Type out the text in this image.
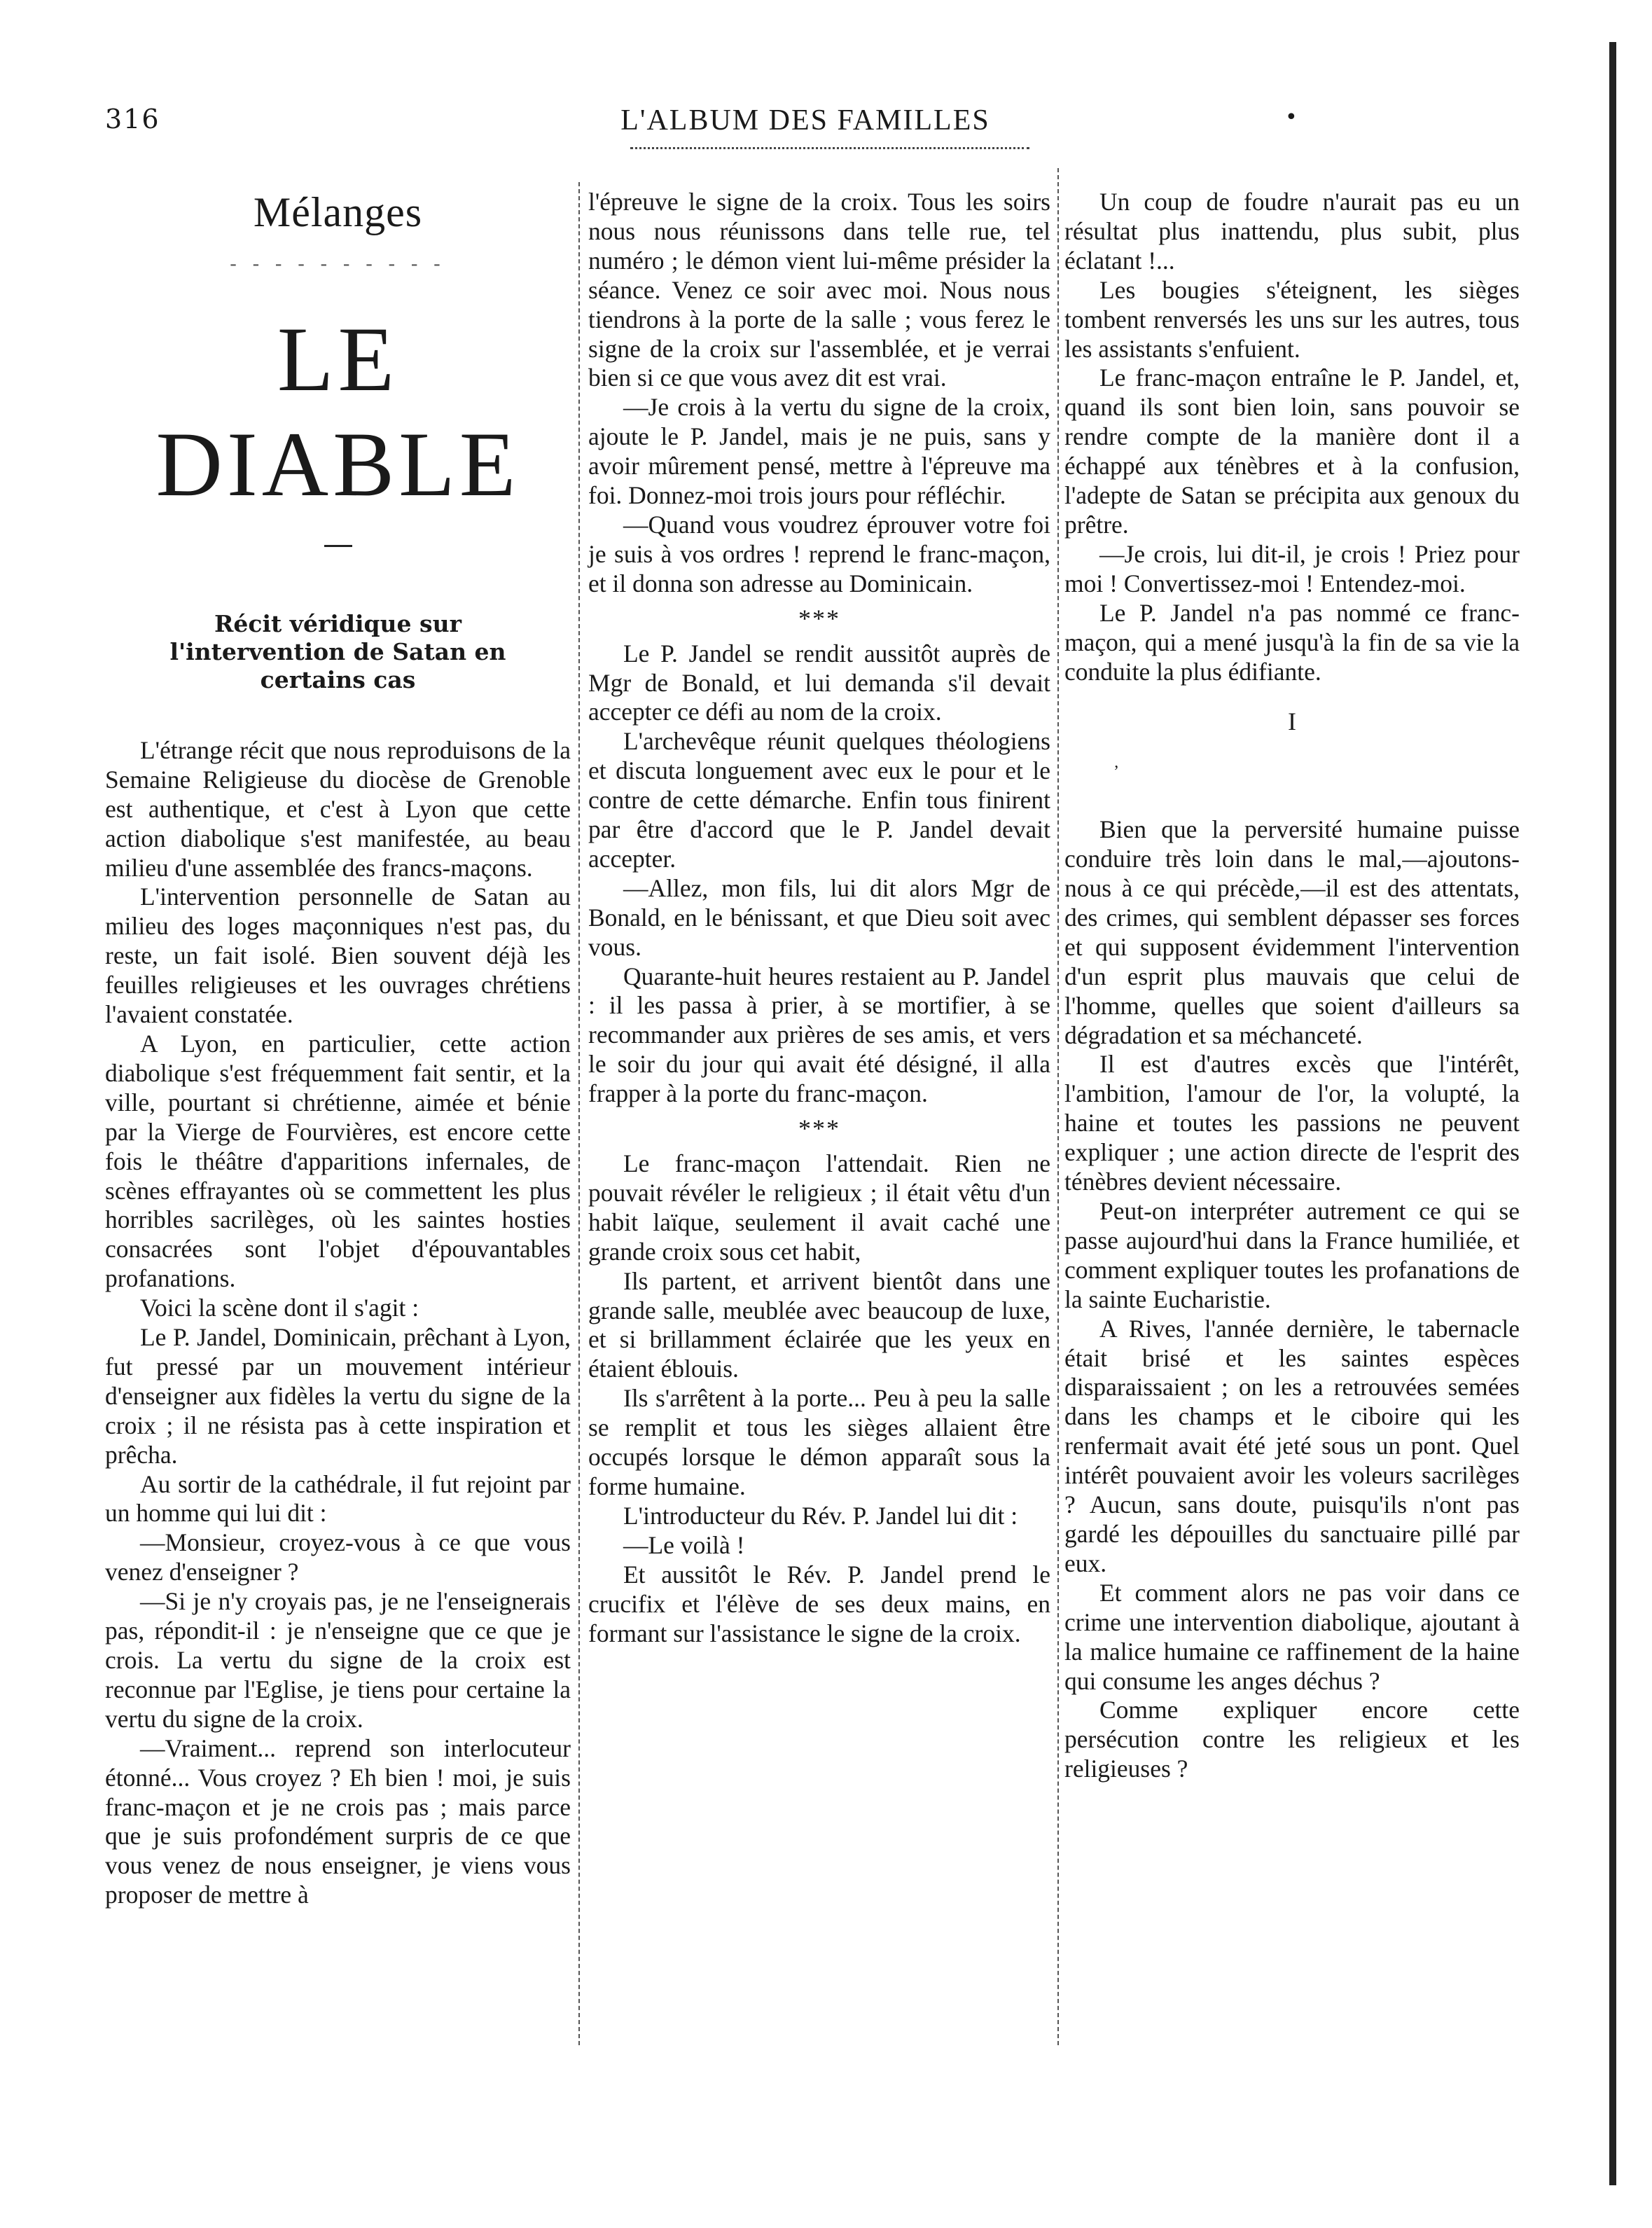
316	L'ALBUM DES FAMILLES	•
Mélanges
- - - - - - - - - -
LE DIABLE
Récit véridique sur l'intervention de Satan en certains cas

L'étrange récit que nous reproduisons de la Semaine Religieuse du diocèse de Grenoble est authentique, et c'est à Lyon que cette action diabolique s'est manifestée, au beau milieu d'une assemblée des francs-maçons.

L'intervention personnelle de Satan au milieu des loges maçonniques n'est pas, du reste, un fait isolé. Bien souvent déjà les feuilles religieuses et les ouvrages chrétiens l'avaient constatée.

A Lyon, en particulier, cette action diabolique s'est fréquemment fait sentir, et la ville, pourtant si chrétienne, aimée et bénie par la Vierge de Fourvières, est encore cette fois le théâtre d'apparitions infernales, de scènes effrayantes où se commettent les plus horribles sacrilèges, où les saintes hosties consacrées sont l'objet d'épouvantables profanations.

Voici la scène dont il s'agit :

Le P. Jandel, Dominicain, prêchant à Lyon, fut pressé par un mouvement intérieur d'enseigner aux fidèles la vertu du signe de la croix ; il ne résista pas à cette inspiration et prêcha.

Au sortir de la cathédrale, il fut rejoint par un homme qui lui dit :

—Monsieur, croyez-vous à ce que vous venez d'enseigner ?

—Si je n'y croyais pas, je ne l'enseignerais pas, répondit-il : je n'enseigne que ce que je crois. La vertu du signe de la croix est reconnue par l'Eglise, je tiens pour certaine la vertu du signe de la croix.

—Vraiment... reprend son interlocuteur étonné... Vous croyez ? Eh bien ! moi, je suis franc-maçon et je ne crois pas ; mais parce que je suis profondément surpris de ce que vous venez de nous enseigner, je viens vous proposer de mettre à

l'épreuve le signe de la croix. Tous les soirs nous nous réunissons dans telle rue, tel numéro ; le démon vient lui-même présider la séance. Venez ce soir avec moi. Nous nous tiendrons à la porte de la salle ; vous ferez le signe de la croix sur l'assemblée, et je verrai bien si ce que vous avez dit est vrai.

—Je crois à la vertu du signe de la croix, ajoute le P. Jandel, mais je ne puis, sans y avoir mûrement pensé, mettre à l'épreuve ma foi. Donnez-moi trois jours pour réfléchir.

—Quand vous voudrez éprouver votre foi je suis à vos ordres ! reprend le franc-maçon, et il donna son adresse au Dominicain.

***

Le P. Jandel se rendit aussitôt auprès de Mgr de Bonald, et lui demanda s'il devait accepter ce défi au nom de la croix.

L'archevêque réunit quelques théologiens et discuta longuement avec eux le pour et le contre de cette démarche. Enfin tous finirent par être d'accord que le P. Jandel devait accepter.

—Allez, mon fils, lui dit alors Mgr de Bonald, en le bénissant, et que Dieu soit avec vous.

Quarante-huit heures restaient au P. Jandel : il les passa à prier, à se mortifier, à se recommander aux prières de ses amis, et vers le soir du jour qui avait été désigné, il alla frapper à la porte du franc-maçon.

***

Le franc-maçon l'attendait. Rien ne pouvait révéler le religieux ; il était vêtu d'un habit laïque, seulement il avait caché une grande croix sous cet habit,

Ils partent, et arrivent bientôt dans une grande salle, meublée avec beaucoup de luxe, et si brillamment éclairée que les yeux en étaient éblouis.

Ils s'arrêtent à la porte... Peu à peu la salle se remplit et tous les sièges allaient être occupés lorsque le démon apparaît sous la forme humaine.

L'introducteur du Rév. P. Jandel lui dit :

—Le voilà !

Et aussitôt le Rév. P. Jandel prend le crucifix et l'élève de ses deux mains, en formant sur l'assistance le signe de la croix.

Un coup de foudre n'aurait pas eu un résultat plus inattendu, plus subit, plus éclatant !...

Les bougies s'éteignent, les sièges tombent renversés les uns sur les autres, tous les assistants s'enfuient.

Le franc-maçon entraîne le P. Jandel, et, quand ils sont bien loin, sans pouvoir se rendre compte de la manière dont il a échappé aux ténèbres et à la confusion, l'adepte de Satan se précipita aux genoux du prêtre.

—Je crois, lui dit-il, je crois ! Priez pour moi ! Convertissez-moi ! Entendez-moi.

Le P. Jandel n'a pas nommé ce franc-maçon, qui a mené jusqu'à la fin de sa vie la conduite la plus édifiante.

I

’

Bien que la perversité humaine puisse conduire très loin dans le mal,—ajoutons-nous à ce qui précède,—il est des attentats, des crimes, qui semblent dépasser ses forces et qui supposent évidemment l'intervention d'un esprit plus mauvais que celui de l'homme, quelles que soient d'ailleurs sa dégradation et sa méchanceté.

Il est d'autres excès que l'intérêt, l'ambition, l'amour de l'or, la volupté, la haine et toutes les passions ne peuvent expliquer ; une action directe de l'esprit des ténèbres devient nécessaire.

Peut-on interpréter autrement ce qui se passe aujourd'hui dans la France humiliée, et comment expliquer toutes les profanations de la sainte Eucharistie.

A Rives, l'année dernière, le tabernacle était brisé et les saintes espèces disparaissaient ; on les a retrouvées semées dans les champs et le ciboire qui les renfermait avait été jeté sous un pont. Quel intérêt pouvaient avoir les voleurs sacrilèges ? Aucun, sans doute, puisqu'ils n'ont pas gardé les dépouilles du sanctuaire pillé par eux.

Et comment alors ne pas voir dans ce crime une intervention diabolique, ajoutant à la malice humaine ce raffinement de la haine qui consume les anges déchus ?

Comme expliquer encore cette persécution contre les religieux et les religieuses ?
